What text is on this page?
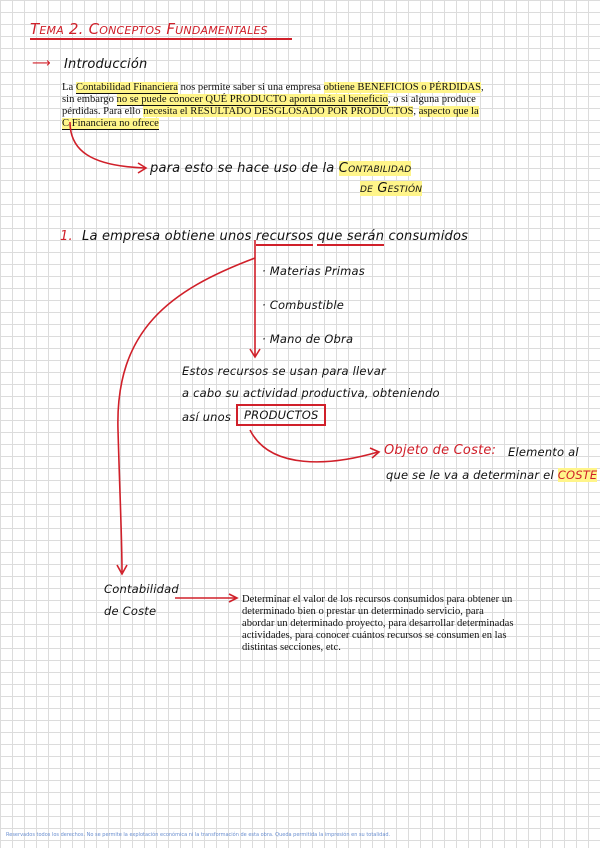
Tema 2. Conceptos Fundamentales
⟶ Introducción
La Contabilidad Financiera nos permite saber si una empresa obtiene BENEFICIOS o PÉRDIDAS,
sin embargo no se puede conocer QUÉ PRODUCTO aporta más al beneficio, o si alguna produce
pérdidas. Para ello necesita el RESULTADO DESGLOSADO POR PRODUCTOS, aspecto que la
C.Financiera no ofrece
para esto se hace uso de la Contabilidad
de Gestión
1. La empresa obtiene unos recursos que serán consumidos
· Materias Primas
· Combustible
· Mano de Obra
Estos recursos se usan para llevar
a cabo su actividad productiva, obteniendo
así unos	PRODUCTOS
Objeto de Coste: Elemento al
que se le va a determinar el COSTE
Contabilidad
de Coste
Determinar el valor de los recursos consumidos para obtener un
determinado bien o prestar un determinado servicio, para
abordar un determinado proyecto, para desarrollar determinadas
actividades, para conocer cuántos recursos se consumen en las
distintas secciones, etc.
Reservados todos los derechos. No se permite la explotación económica ni la transformación de esta obra. Queda permitida la impresión en su totalidad.
